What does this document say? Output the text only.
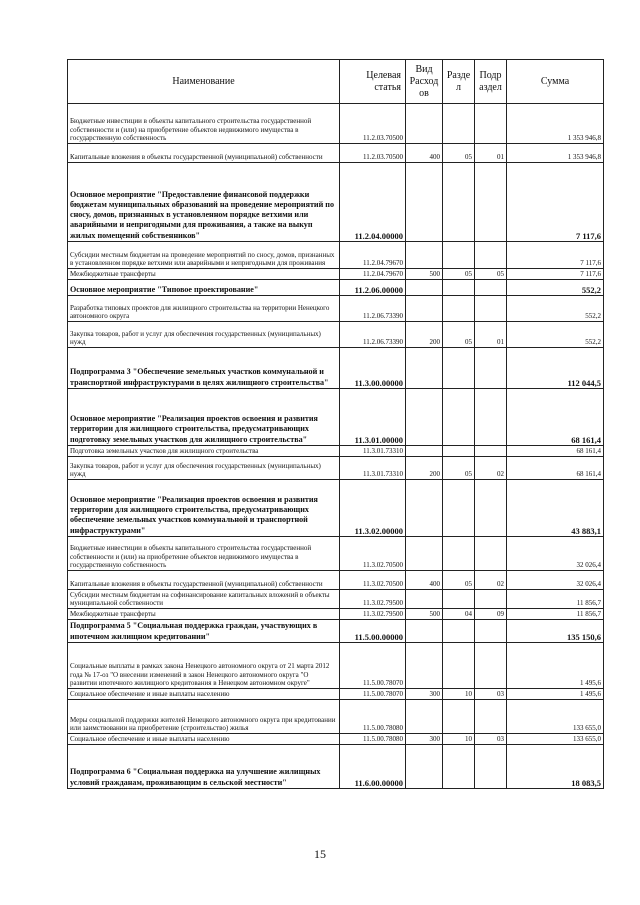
Наименование	Целевая статья	Вид Расход ов	Разде л	Подр аздел	Сумма
Бюджетные инвестиции в объекты капитального строительства государственной собственности и (или) на приобретение объектов недвижимого имущества в государственную собственность	11.2.03.70500				1 353 946,8
Капитальные вложения в объекты государственной (муниципальной) собственности	11.2.03.70500	400	05	01	1 353 946,8
Основное мероприятие "Предоставление финансовой поддержки бюджетам муниципальных образований на проведение мероприятий по сносу, домов, признанных в установленном порядке ветхими или аварийными и непригодными для проживания, а также на выкуп жилых помещений собственников"	11.2.04.00000				7 117,6
Субсидии местным бюджетам на проведение мероприятий по сносу, домов, признанных в установленном порядке ветхими или аварийными и непригодными для проживания	11.2.04.79670				7 117,6
Межбюджетные трансферты	11.2.04.79670	500	05	05	7 117,6
Основное мероприятие "Типовое проектирование"	11.2.06.00000				552,2
Разработка типовых проектов для жилищного строительства на территории Ненецкого автономного округа	11.2.06.73390				552,2
Закупка товаров, работ и услуг для обеспечения государственных (муниципальных) нужд	11.2.06.73390	200	05	01	552,2
Подпрограмма 3 "Обеспечение земельных участков коммунальной и транспортной инфраструктурами в целях жилищного строительства"	11.3.00.00000				112 044,5
Основное мероприятие "Реализация проектов освоения и развития территории для жилищного строительства, предусматривающих подготовку земельных участков для жилищного строительства"	11.3.01.00000				68 161,4
Подготовка земельных участков для жилищного строительства	11.3.01.73310				68 161,4
Закупка товаров, работ и услуг для обеспечения государственных (муниципальных) нужд	11.3.01.73310	200	05	02	68 161,4
Основное мероприятие "Реализация проектов освоения и развития территории для жилищного строительства, предусматривающих обеспечение земельных участков коммунальной и транспортной инфраструктурами"	11.3.02.00000				43 883,1
Бюджетные инвестиции в объекты капитального строительства государственной собственности и (или) на приобретение объектов недвижимого имущества в государственную собственность	11.3.02.70500				32 026,4
Капитальные вложения в объекты государственной (муниципальной) собственности	11.3.02.70500	400	05	02	32 026,4
Субсидии местным бюджетам на софинансирование капитальных вложений в объекты муниципальной собственности	11.3.02.79500				11 856,7
Межбюджетные трансферты	11.3.02.79500	500	04	09	11 856,7
Подпрограмма 5 "Социальная поддержка граждан, участвующих в ипотечном жилищном кредитовании"	11.5.00.00000				135 150,6
Социальные выплаты в рамках закона Ненецкого автономного округа от 21 марта 2012 года № 17-оз "О внесении изменений в закон Ненецкого автономного округа "О развитии ипотечного жилищного кредитования в Ненецком автономном округе"	11.5.00.78070				1 495,6
Социальное обеспечение и иные выплаты населению	11.5.00.78070	300	10	03	1 495,6
Меры социальной поддержки жителей Ненецкого автономного округа при кредитовании или заимствовании на приобретение (строительство) жилья	11.5.00.78080				133 655,0
Социальное обеспечение и иные выплаты населению	11.5.00.78080	300	10	03	133 655,0
Подпрограмма 6 "Социальная поддержка на улучшение жилищных условий гражданам, проживающим в сельской местности"	11.6.00.00000				18 083,5
15
